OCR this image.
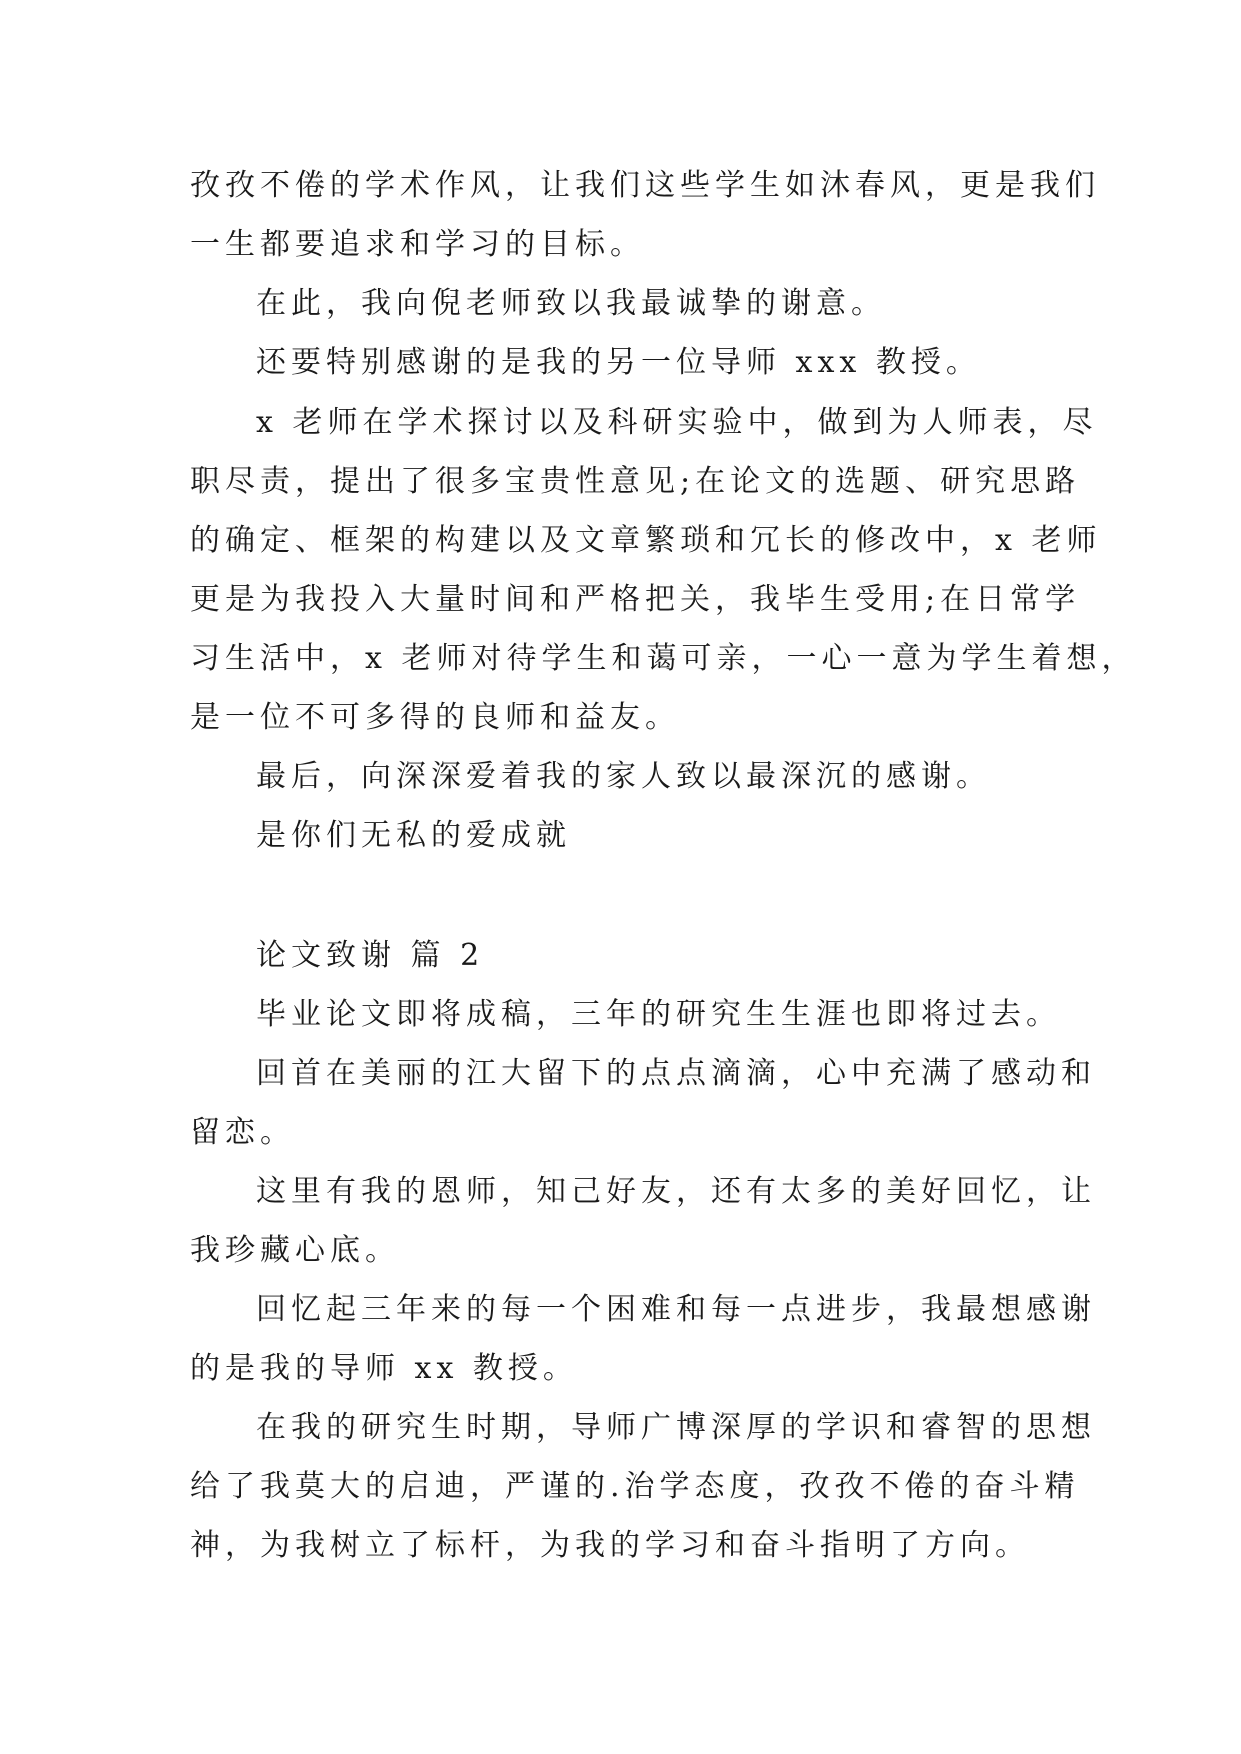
孜孜不倦的学术作风，让我们这些学生如沐春风，更是我们
一生都要追求和学习的目标。
在此，我向倪老师致以我最诚挚的谢意。
还要特别感谢的是我的另一位导师 xxx 教授。
x 老师在学术探讨以及科研实验中，做到为人师表，尽
职尽责，提出了很多宝贵性意见;在论文的选题、研究思路
的确定、框架的构建以及文章繁琐和冗长的修改中，x 老师
更是为我投入大量时间和严格把关，我毕生受用;在日常学
习生活中，x 老师对待学生和蔼可亲，一心一意为学生着想，
是一位不可多得的良师和益友。
最后，向深深爱着我的家人致以最深沉的感谢。
是你们无私的爱成就
论文致谢 篇 2
毕业论文即将成稿，三年的研究生生涯也即将过去。
回首在美丽的江大留下的点点滴滴，心中充满了感动和
留恋。
这里有我的恩师，知己好友，还有太多的美好回忆，让
我珍藏心底。
回忆起三年来的每一个困难和每一点进步，我最想感谢
的是我的导师 xx 教授。
在我的研究生时期，导师广博深厚的学识和睿智的思想
给了我莫大的启迪，严谨的.治学态度，孜孜不倦的奋斗精
神，为我树立了标杆，为我的学习和奋斗指明了方向。
